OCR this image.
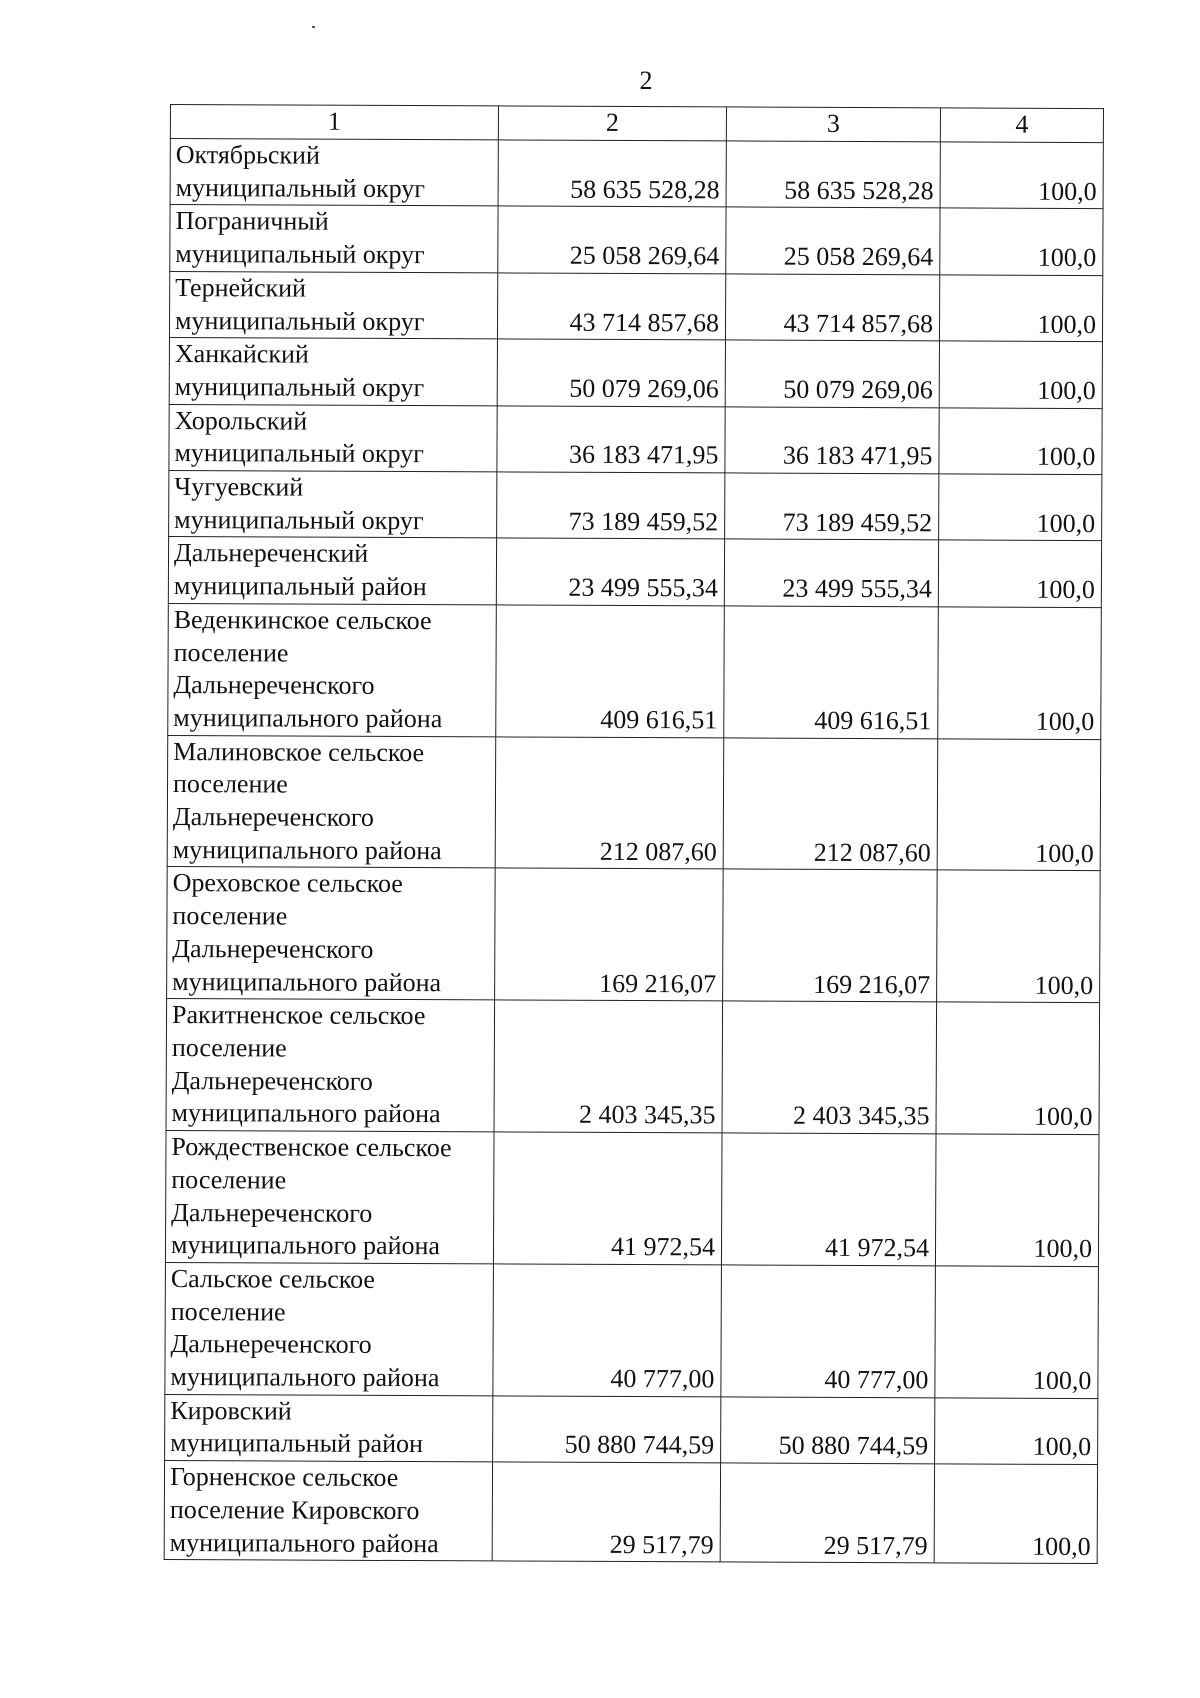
2
1	2	3	4

Октябрьский
муниципальный округ	58 635 528,28	58 635 528,28	100,0

Пограничный
муниципальный округ	25 058 269,64	25 058 269,64	100,0

Тернейский
муниципальный округ	43 714 857,68	43 714 857,68	100,0

Ханкайский
муниципальный округ	50 079 269,06	50 079 269,06	100,0

Хорольский
муниципальный округ	36 183 471,95	36 183 471,95	100,0

Чугуевский
муниципальный округ	73 189 459,52	73 189 459,52	100,0

Дальнереченский
муниципальный район	23 499 555,34	23 499 555,34	100,0

Веденкинское сельское
поселение
Дальнереченского
муниципального района	409 616,51	409 616,51	100,0

Малиновское сельское
поселение
Дальнереченского
муниципального района	212 087,60	212 087,60	100,0

Ореховское сельское
поселение
Дальнереченского
муниципального района	169 216,07	169 216,07	100,0

Ракитненское сельское
поселение
Дальнереченского
муниципального района	2 403 345,35	2 403 345,35	100,0

Рождественское сельское
поселение
Дальнереченского
муниципального района	41 972,54	41 972,54	100,0

Сальское сельское
поселение
Дальнереченского
муниципального района	40 777,00	40 777,00	100,0

Кировский
муниципальный район	50 880 744,59	50 880 744,59	100,0

Горненское сельское
поселение Кировского
муниципального района	29 517,79	29 517,79	100,0
